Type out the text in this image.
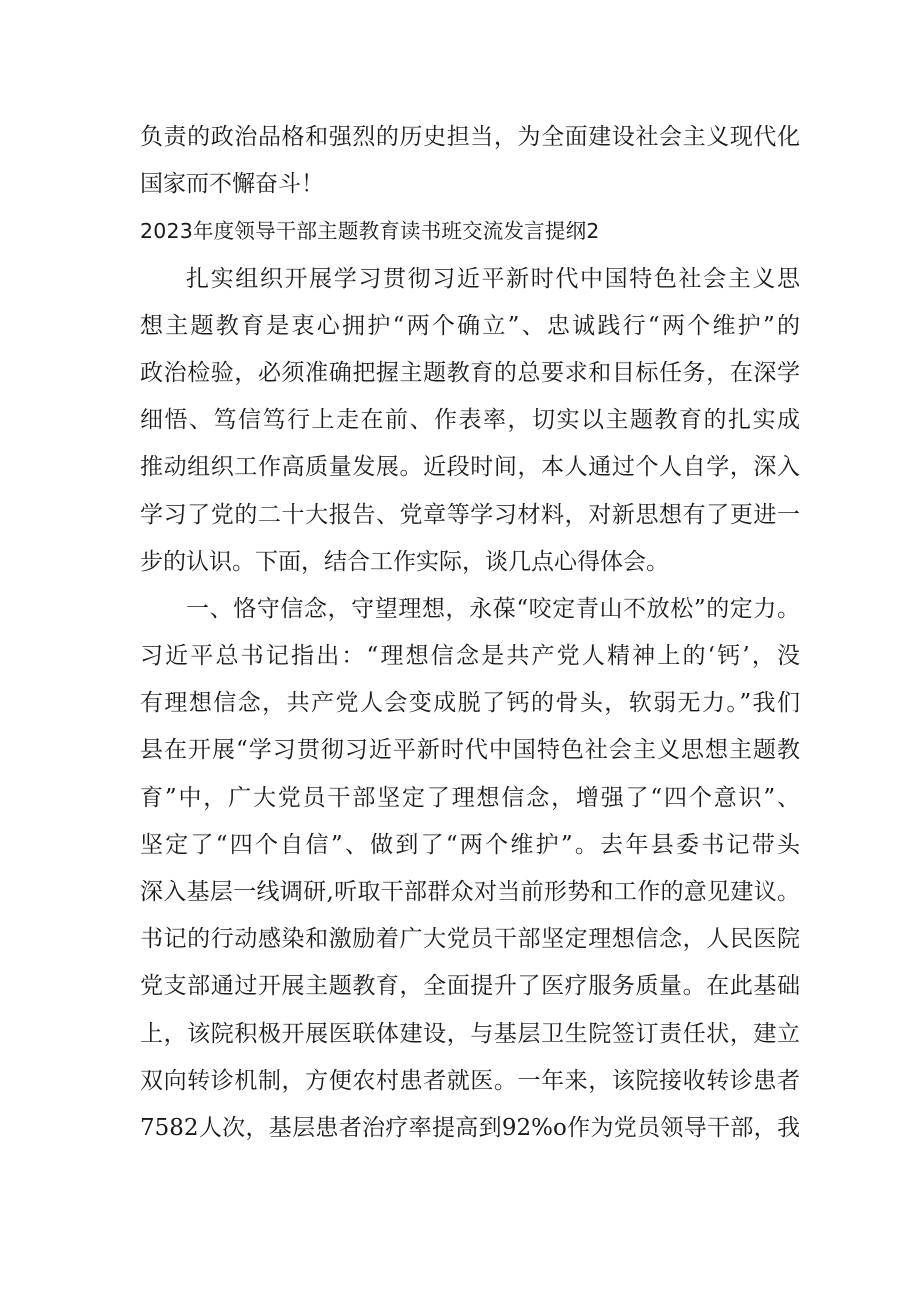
负责的政治品格和强烈的历史担当，为全面建设社会主义现代化
国家而不懈奋斗！
2023年度领导干部主题教育读书班交流发言提纲2
扎实组织开展学习贯彻习近平新时代中国特色社会主义思
想主题教育是衷心拥护“两个确立”、忠诚践行“两个维护”的
政治检验，必须准确把握主题教育的总要求和目标任务，在深学
细悟、笃信笃行上走在前、作表率，切实以主题教育的扎实成
推动组织工作高质量发展。近段时间，本人通过个人自学，深入
学习了党的二十大报告、党章等学习材料，对新思想有了更进一
步的认识。下面，结合工作实际，谈几点心得体会。
一、恪守信念，守望理想，永葆“咬定青山不放松”的定力。
习近平总书记指出：“理想信念是共产党人精神上的‘钙’，没
有理想信念，共产党人会变成脱了钙的骨头，软弱无力。”我们
县在开展“学习贯彻习近平新时代中国特色社会主义思想主题教
育”中，广大党员干部坚定了理想信念，增强了“四个意识”、
坚定了“四个自信”、做到了“两个维护”。去年县委书记带头
深入基层一线调研,听取干部群众对当前形势和工作的意见建议。
书记的行动感染和激励着广大党员干部坚定理想信念，人民医院
党支部通过开展主题教育，全面提升了医疗服务质量。在此基础
上，该院积极开展医联体建设，与基层卫生院签订责任状，建立
双向转诊机制，方便农村患者就医。一年来，该院接收转诊患者
7582人次，基层患者治疗率提高到92%o作为党员领导干部，我
